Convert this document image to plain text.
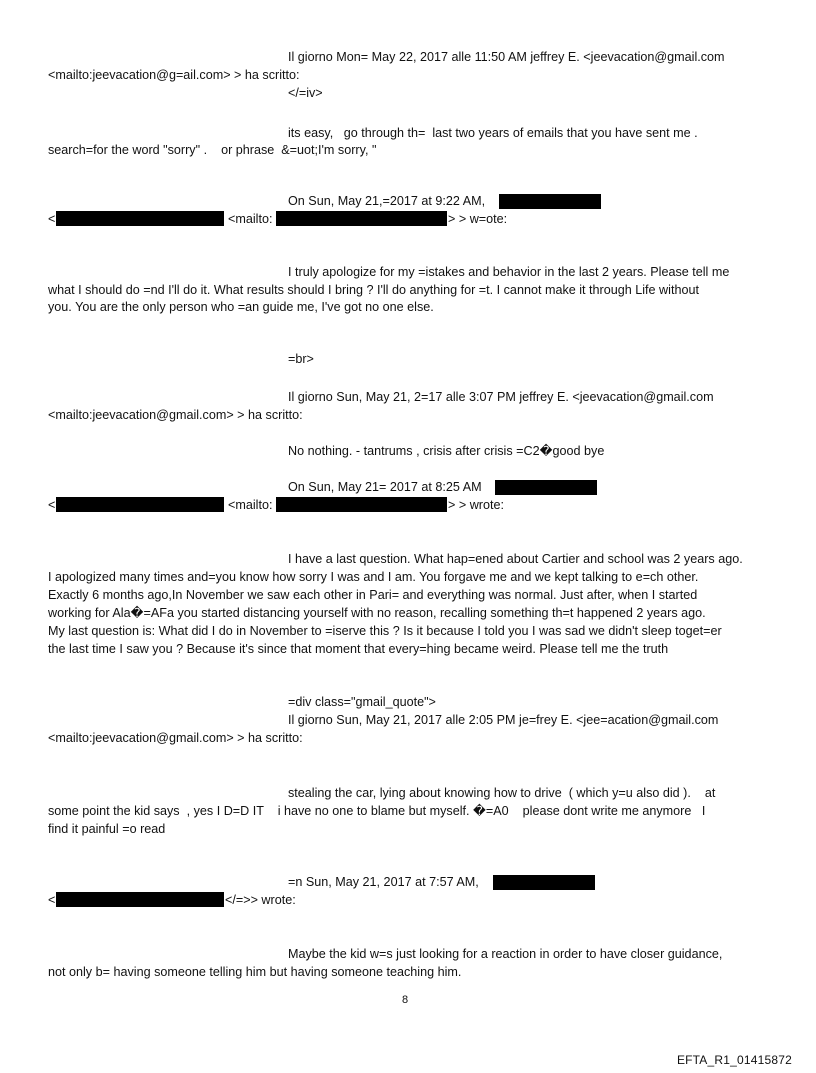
Il giorno Mon= May 22, 2017 alle 11:50 AM jeffrey E. <jeevacation@gmail.com

<mailto:jeevacation@g=ail.com> > ha scritto:

</=iv>

its easy,   go through th=  last two years of emails that you have sent me .

search=for the word "sorry" .    or phrase  &=uot;I'm sorry, "

On Sun, May 21,=2017 at 9:22 AM,

<	<mailto:	> > w=ote:

I truly apologize for my =istakes and behavior in the last 2 years. Please tell me

what I should do =nd I'll do it. What results should I bring ? I'll do anything for =t. I cannot make it through Life without

you. You are the only person who =an guide me, I've got no one else.

=br>

Il giorno Sun, May 21, 2=17 alle 3:07 PM jeffrey E. <jeevacation@gmail.com

<mailto:jeevacation@gmail.com> > ha scritto:

No nothing. - tantrums , crisis after crisis =C2�good bye

On Sun, May 21= 2017 at 8:25 AM

<	<mailto:	> > wrote:

I have a last question. What hap=ened about Cartier and school was 2 years ago.

I apologized many times and=you know how sorry I was and I am. You forgave me and we kept talking to e=ch other.

Exactly 6 months ago,In November we saw each other in Pari= and everything was normal. Just after, when I started

working for Ala�=AFa you started distancing yourself with no reason, recalling something th=t happened 2 years ago.

My last question is: What did I do in November to =iserve this ? Is it because I told you I was sad we didn't sleep toget=er

the last time I saw you ? Because it's since that moment that every=hing became weird. Please tell me the truth

=div class="gmail_quote">

Il giorno Sun, May 21, 2017 alle 2:05 PM je=frey E. <jee=acation@gmail.com

<mailto:jeevacation@gmail.com> > ha scritto:

stealing the car, lying about knowing how to drive  ( which y=u also did ).    at

some point the kid says  , yes I D=D IT    i have no one to blame but myself. �=A0    please dont write me anymore   I

find it painful =o read

=n Sun, May 21, 2017 at 7:57 AM,

<	</=>> wrote:

Maybe the kid w=s just looking for a reaction in order to have closer guidance,

not only b= having someone telling him but having someone teaching him.

8
EFTA_R1_01415872
